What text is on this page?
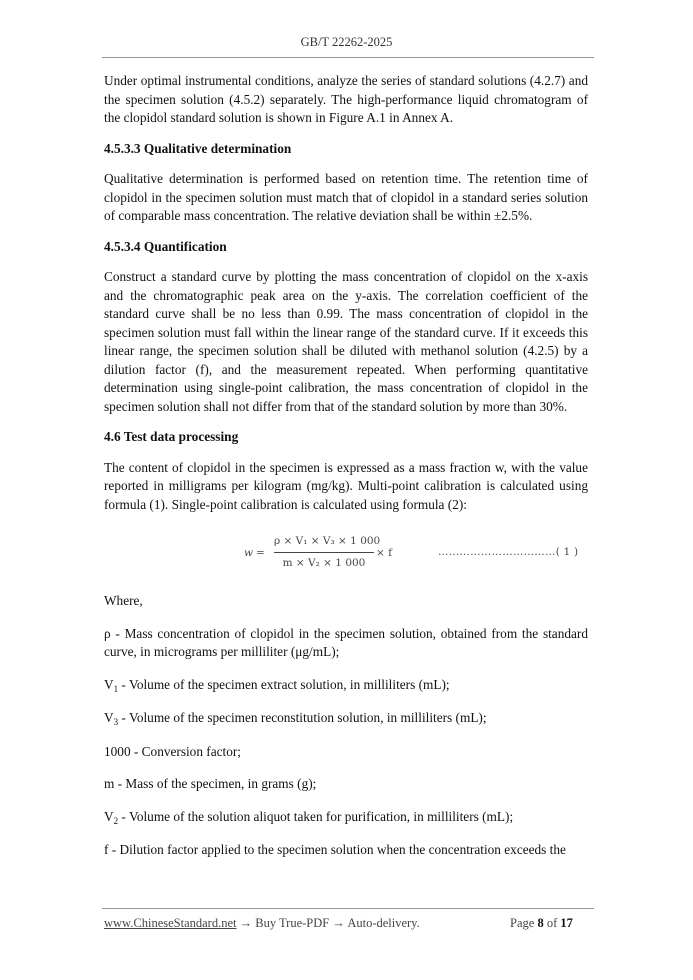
GB/T 22262-2025

Under optimal instrumental conditions, analyze the series of standard solutions (4.2.7) and the specimen solution (4.5.2) separately. The high-performance liquid chromatogram of the clopidol standard solution is shown in Figure A.1 in Annex A.

4.5.3.3 Qualitative determination

Qualitative determination is performed based on retention time. The retention time of clopidol in the specimen solution must match that of clopidol in a standard series solution of comparable mass concentration. The relative deviation shall be within ±2.5%.

4.5.3.4 Quantification

Construct a standard curve by plotting the mass concentration of clopidol on the x-axis and the chromatographic peak area on the y-axis. The correlation coefficient of the standard curve shall be no less than 0.99. The mass concentration of clopidol in the specimen solution must fall within the linear range of the standard curve. If it exceeds this linear range, the specimen solution shall be diluted with methanol solution (4.2.5) by a dilution factor (f), and the measurement repeated. When performing quantitative determination using single-point calibration, the mass concentration of clopidol in the specimen solution shall not differ from that of the standard solution by more than 30%.

4.6 Test data processing

The content of clopidol in the specimen is expressed as a mass fraction w, with the value reported in milligrams per kilogram (mg/kg). Multi-point calibration is calculated using formula (1). Single-point calibration is calculated using formula (2):

$w = \frac{\text{ρ × V₁ × V₃ × 1 000}}{\text{m × V₂ × 1 000}} \times f$	……………………………( 1 )

Where,

ρ - Mass concentration of clopidol in the specimen solution, obtained from the standard curve, in micrograms per milliliter (μg/mL);

$V_1$ - Volume of the specimen extract solution, in milliliters (mL);

$V_3$ - Volume of the specimen reconstitution solution, in milliliters (mL);

1000 - Conversion factor;

m - Mass of the specimen, in grams (g);

$V_2$ - Volume of the solution aliquot taken for purification, in milliliters (mL);

f - Dilution factor applied to the specimen solution when the concentration exceeds the

www.ChineseStandard.net → Buy True-PDF → Auto-delivery.	Page 8 of 17
